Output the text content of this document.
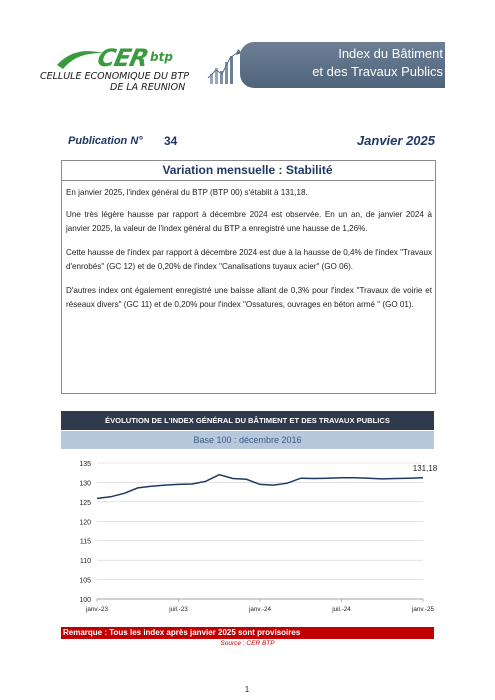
CER btp
CELLULE ECONOMIQUE DU BTP
DE LA REUNION
Index du Bâtiment
et des Travaux Publics
Publication N° 34	Janvier 2025
Variation mensuelle : Stabilité

En janvier 2025, l'index général du BTP (BTP 00) s'établit à 131,18.

Une très légère hausse par rapport à décembre 2024 est observée. En un an, de janvier 2024 à janvier 2025, la valeur de l'index général du BTP a enregistré une hausse de 1,26%.

Cette hausse de l'index par rapport à décembre 2024 est due à la hausse de 0,4% de l'index "Travaux d'enrobés" (GC 12) et de 0,20% de l'index "Canalisations tuyaux acier" (GO 06).

D'autres index ont également enregistré une baisse allant de 0,3% pour l'index "Travaux de voirie et réseaux divers" (GC 11) et de 0,20% pour l'index "Ossatures, ouvrages en béton armé " (GO 01).

ÉVOLUTION DE L'INDEX GÉNÉRAL DU BÂTIMENT ET DES TRAVAUX PUBLICS
Base 100 : décembre 2016
100
105
110
115
120
125
130
135
janv.-23	juil.-23	janv.-24	juil.-24	janv.-25
131,18
Remarque : Tous les index après janvier 2025 sont provisoires
Source : CER BTP
1
